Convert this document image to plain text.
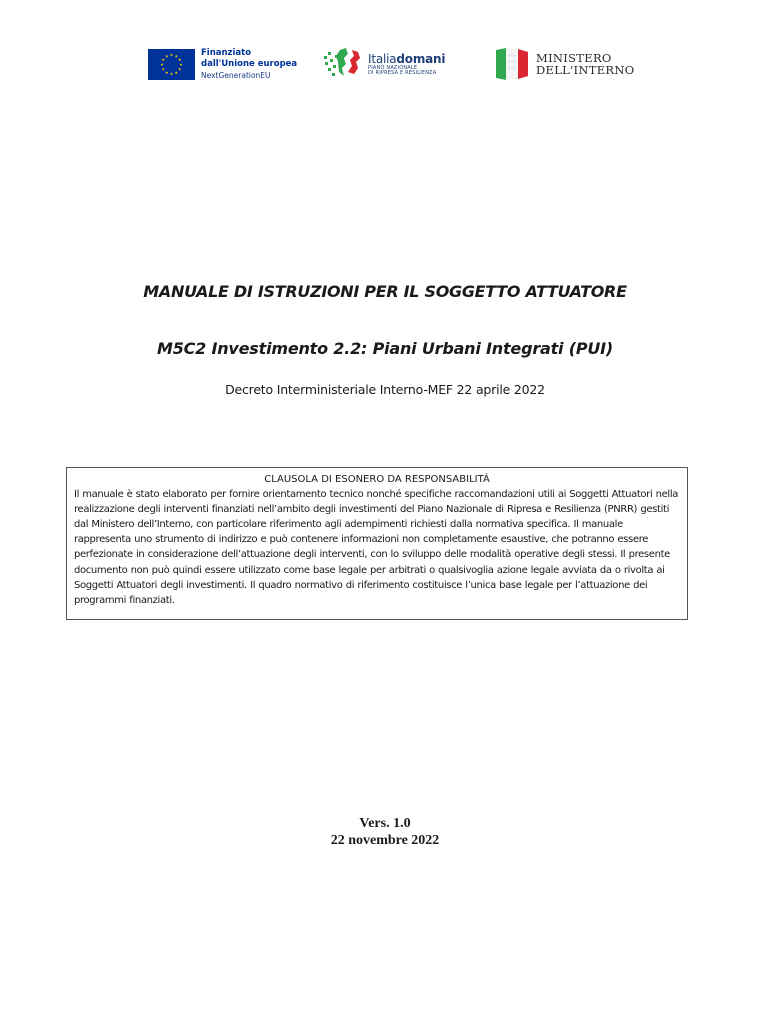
Finanziato
dall'Unione europea
NextGenerationEU
Italiadomani
PIANO NAZIONALE
DI RIPRESA E RESILIENZA
MINISTERO
DELL'INTERNO
MANUALE DI ISTRUZIONI PER IL SOGGETTO ATTUATORE
M5C2 Investimento 2.2: Piani Urbani Integrati (PUI)
Decreto Interministeriale Interno-MEF 22 aprile 2022
CLAUSOLA DI ESONERO DA RESPONSABILITÁ
Il manuale è stato elaborato per fornire orientamento tecnico nonché specifiche raccomandazioni utili ai Soggetti Attuatori nella realizzazione degli interventi finanziati nell’ambito degli investimenti del Piano Nazionale di Ripresa e Resilienza (PNRR) gestiti dal Ministero dell’Interno, con particolare riferimento agli adempimenti richiesti dalla normativa specifica. Il manuale rappresenta uno strumento di indirizzo e può contenere informazioni non completamente esaustive, che potranno essere perfezionate in considerazione dell’attuazione degli interventi, con lo sviluppo delle modalità operative degli stessi. Il presente documento non può quindi essere utilizzato come base legale per arbitrati o qualsivoglia azione legale avviata da o rivolta ai Soggetti Attuatori degli investimenti. Il quadro normativo di riferimento costituisce l’unica base legale per l’attuazione dei programmi finanziati.
Vers. 1.0
22 novembre 2022
